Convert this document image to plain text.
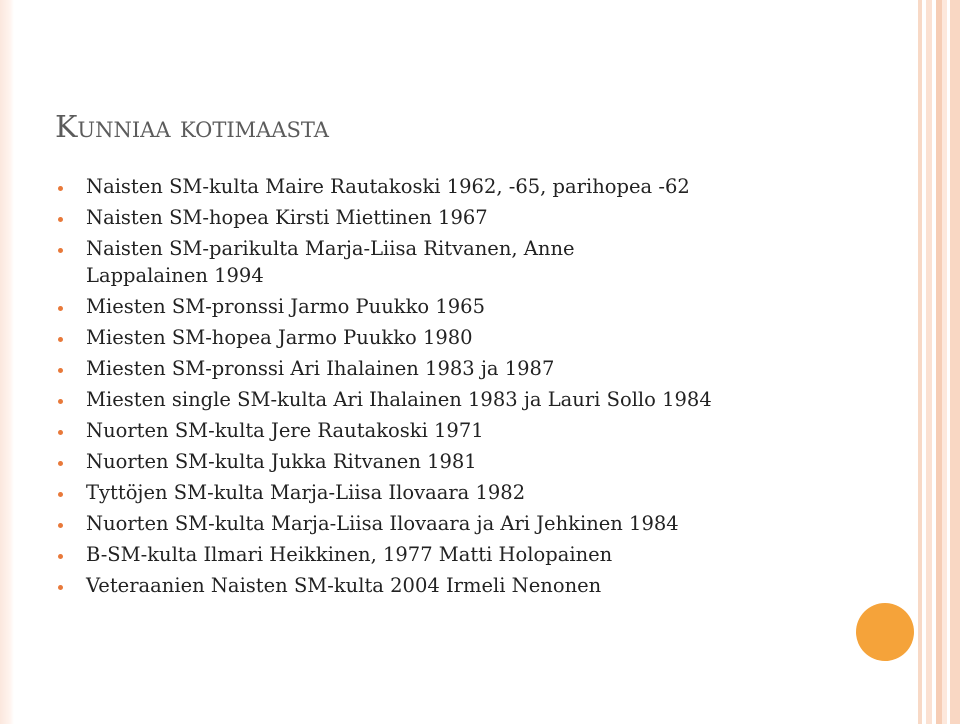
Kunniaa kotimaasta
Naisten SM-kulta Maire Rautakoski 1962, -65, parihopea -62
Naisten SM-hopea Kirsti Miettinen 1967
Naisten SM-parikulta Marja-Liisa Ritvanen, Anne Lappalainen 1994
Miesten SM-pronssi Jarmo Puukko 1965
Miesten SM-hopea Jarmo Puukko 1980
Miesten SM-pronssi Ari Ihalainen 1983 ja 1987
Miesten single SM-kulta Ari Ihalainen 1983 ja Lauri Sollo 1984
Nuorten SM-kulta Jere Rautakoski 1971
Nuorten SM-kulta Jukka Ritvanen 1981
Tyttöjen SM-kulta Marja-Liisa Ilovaara 1982
Nuorten SM-kulta Marja-Liisa Ilovaara ja Ari Jehkinen 1984
B-SM-kulta Ilmari Heikkinen, 1977 Matti Holopainen
Veteraanien Naisten SM-kulta 2004 Irmeli Nenonen
